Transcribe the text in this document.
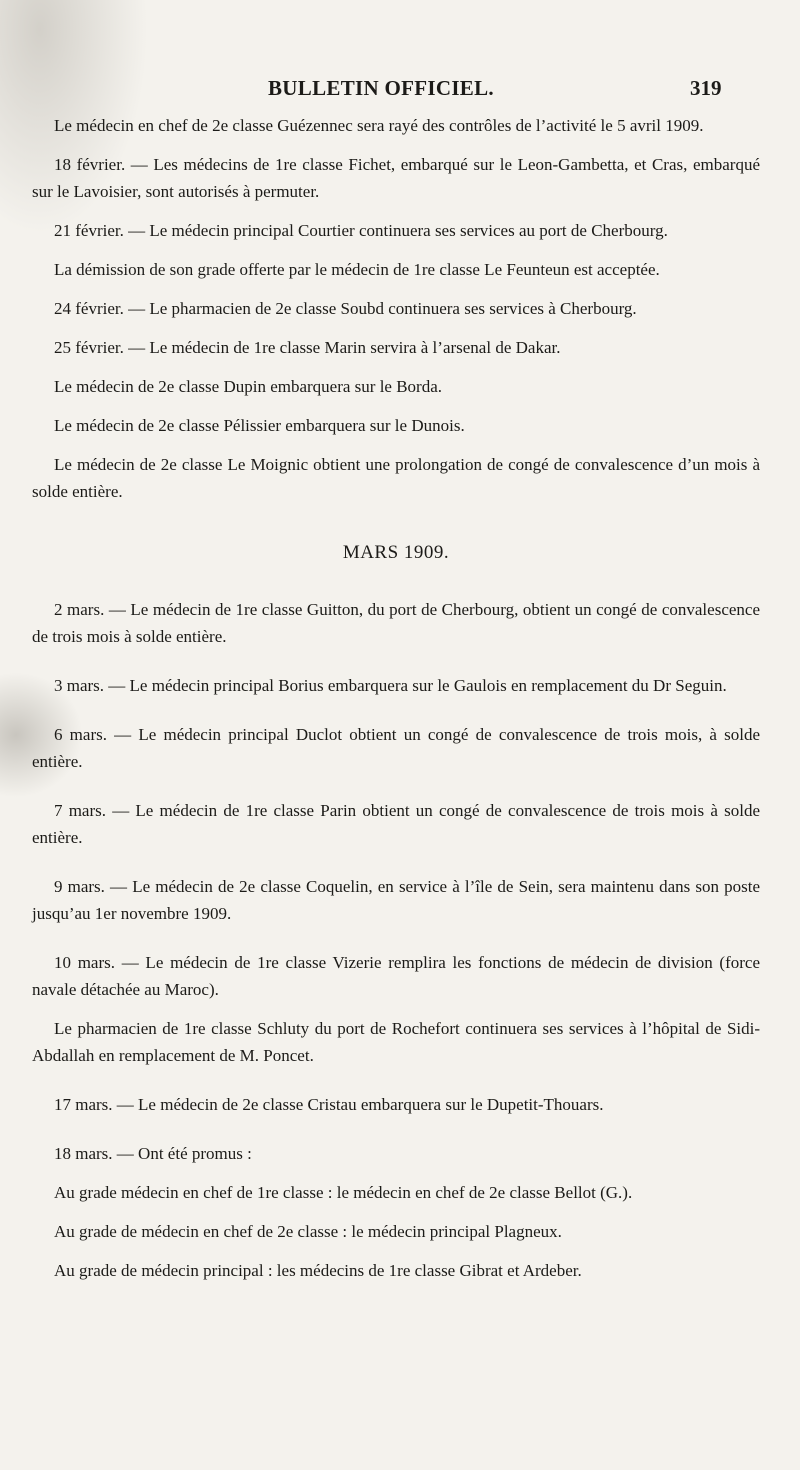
BULLETIN OFFICIEL.	319

Le médecin en chef de 2e classe Guézennec sera rayé des contrôles de l’activité le 5 avril 1909.

18 février. — Les médecins de 1re classe Fichet, embarqué sur le Leon-Gambetta, et Cras, embarqué sur le Lavoisier, sont autorisés à permuter.

21 février. — Le médecin principal Courtier continuera ses services au port de Cherbourg.

La démission de son grade offerte par le médecin de 1re classe Le Feunteun est acceptée.

24 février. — Le pharmacien de 2e classe Soubd continuera ses services à Cherbourg.

25 février. — Le médecin de 1re classe Marin servira à l’arsenal de Dakar.

Le médecin de 2e classe Dupin embarquera sur le Borda.

Le médecin de 2e classe Pélissier embarquera sur le Dunois.

Le médecin de 2e classe Le Moignic obtient une prolongation de congé de convalescence d’un mois à solde entière.

MARS 1909.

2 mars. — Le médecin de 1re classe Guitton, du port de Cherbourg, obtient un congé de convalescence de trois mois à solde entière.

3 mars. — Le médecin principal Borius embarquera sur le Gaulois en remplacement du Dr Seguin.

6 mars. — Le médecin principal Duclot obtient un congé de convalescence de trois mois, à solde entière.

7 mars. — Le médecin de 1re classe Parin obtient un congé de convalescence de trois mois à solde entière.

9 mars. — Le médecin de 2e classe Coquelin, en service à l’île de Sein, sera maintenu dans son poste jusqu’au 1er novembre 1909.

10 mars. — Le médecin de 1re classe Vizerie remplira les fonctions de médecin de division (force navale détachée au Maroc).

Le pharmacien de 1re classe Schluty du port de Rochefort continuera ses services à l’hôpital de Sidi-Abdallah en remplacement de M. Poncet.

17 mars. — Le médecin de 2e classe Cristau embarquera sur le Dupetit-Thouars.

18 mars. — Ont été promus :

Au grade médecin en chef de 1re classe : le médecin en chef de 2e classe Bellot (G.).

Au grade de médecin en chef de 2e classe : le médecin principal Plagneux.

Au grade de médecin principal : les médecins de 1re classe Gibrat et Ardeber.
